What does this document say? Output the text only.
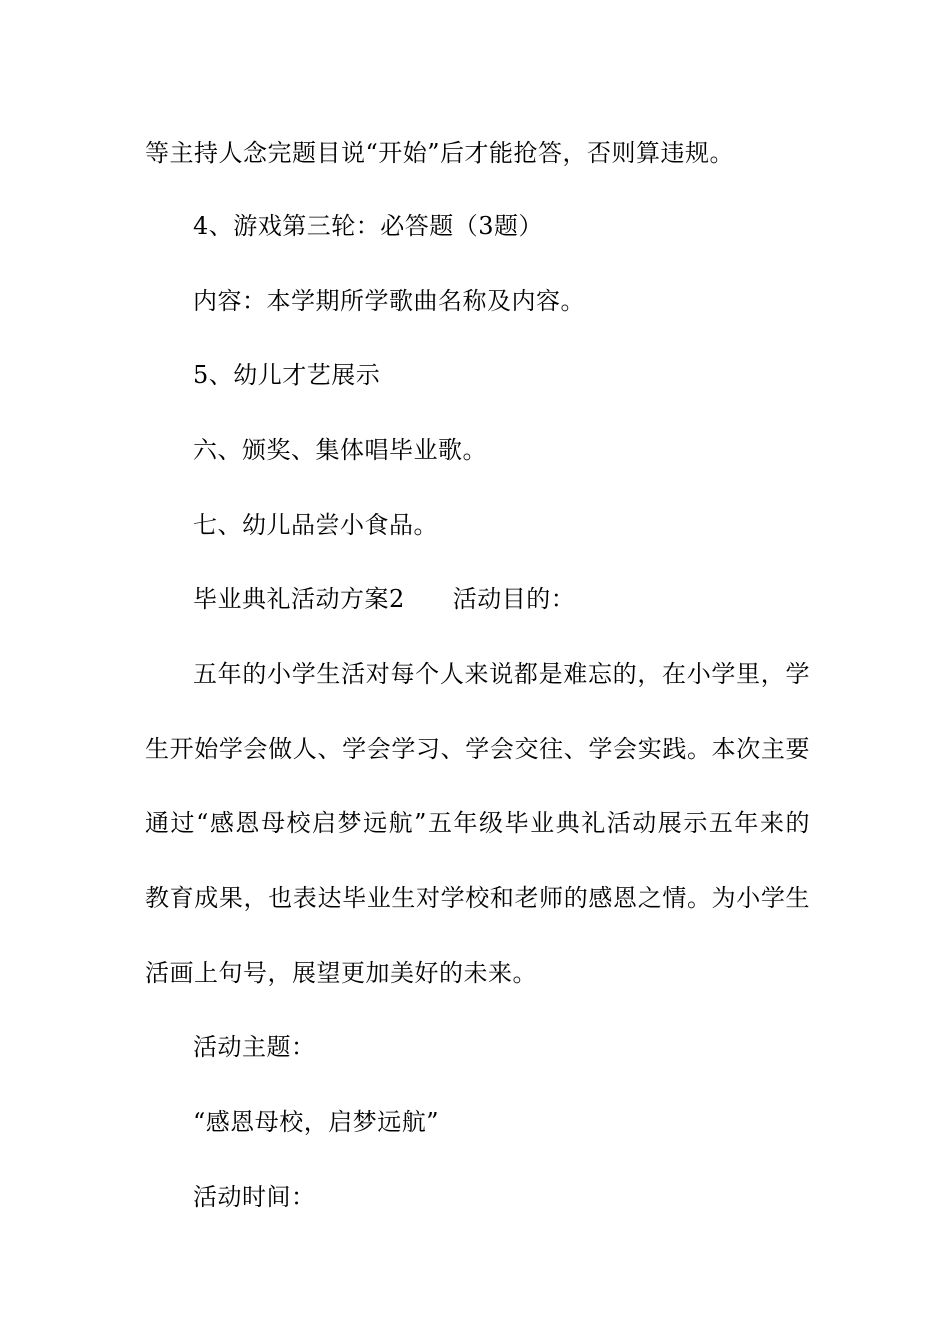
等主持人念完题目说“开始”后才能抢答，否则算违规。
4、游戏第三轮：必答题（3题）
内容：本学期所学歌曲名称及内容。
5、幼儿才艺展示
六、颁奖、集体唱毕业歌。
七、幼儿品尝小食品。
毕业典礼活动方案2 活动目的：
五年的小学生活对每个人来说都是难忘的，在小学里，学
生开始学会做人、学会学习、学会交往、学会实践。本次主要
通过“感恩母校启梦远航”五年级毕业典礼活动展示五年来的
教育成果，也表达毕业生对学校和老师的感恩之情。为小学生
活画上句号，展望更加美好的未来。
活动主题：
“感恩母校，启梦远航”
活动时间：
